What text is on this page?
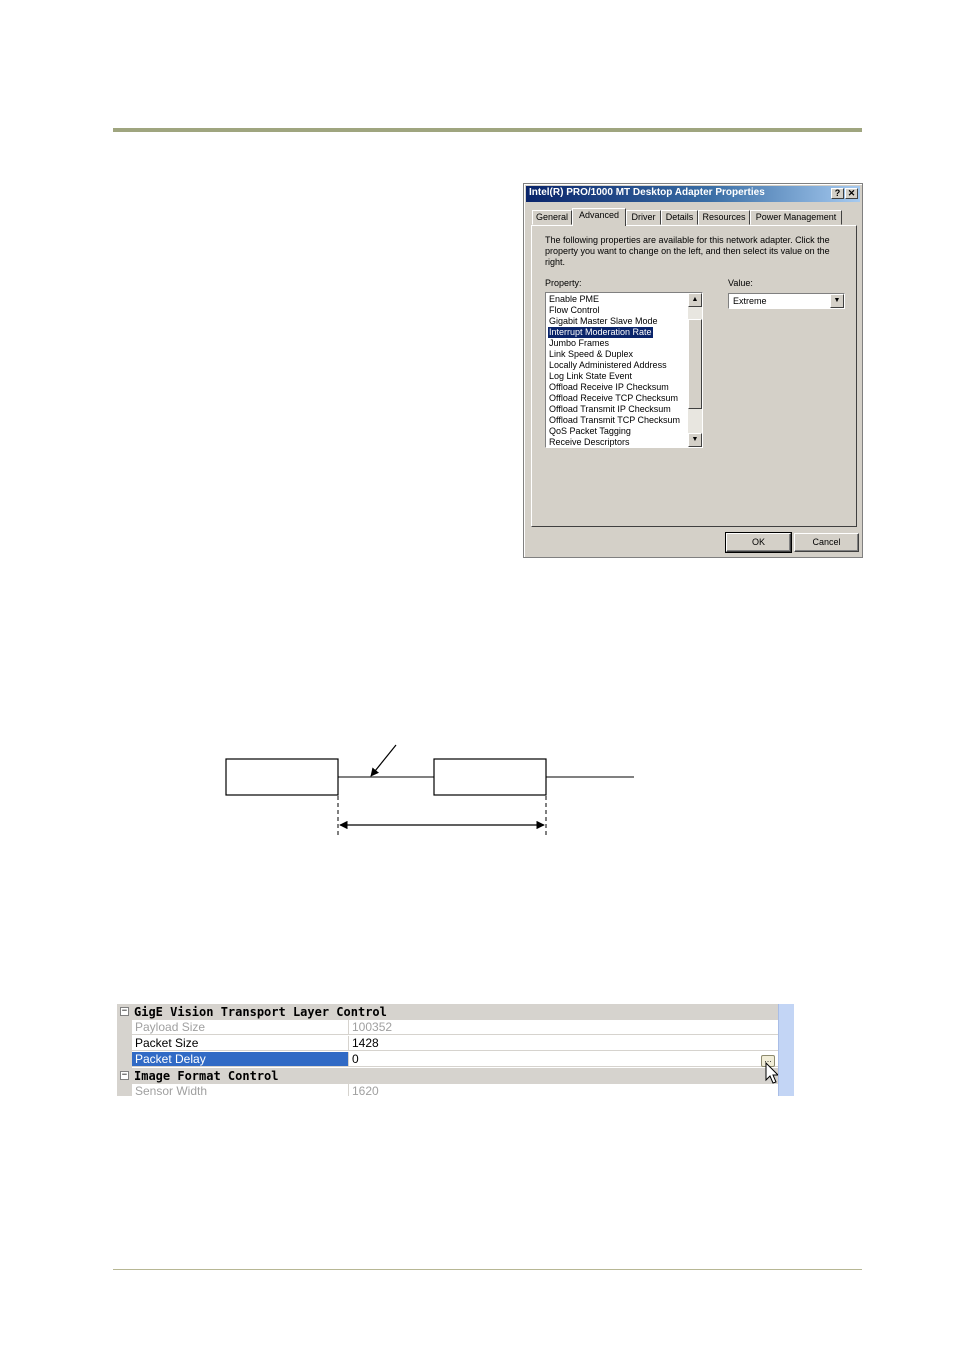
Intel(R) PRO/1000 MT Desktop Adapter Properties	? ✕
General	Advanced	Driver	Details	Resources	Power Management
The following properties are available for this network adapter. Click the property you want to change on the left, and then select its value on the right.
Property:	Value:
Enable PME
Flow Control
Gigabit Master Slave Mode
Interrupt Moderation Rate
Jumbo Frames
Link Speed & Duplex
Locally Administered Address
Log Link State Event
Offload Receive IP Checksum
Offload Receive TCP Checksum
Offload Transmit IP Checksum
Offload Transmit TCP Checksum
QoS Packet Tagging
Receive Descriptors
▲
▼
Extreme	▼
OK	Cancel
− GigE Vision Transport Layer Control
Payload Size	100352
Packet Size	1428
Packet Delay	0
− Image Format Control
Sensor Width	1620
…
